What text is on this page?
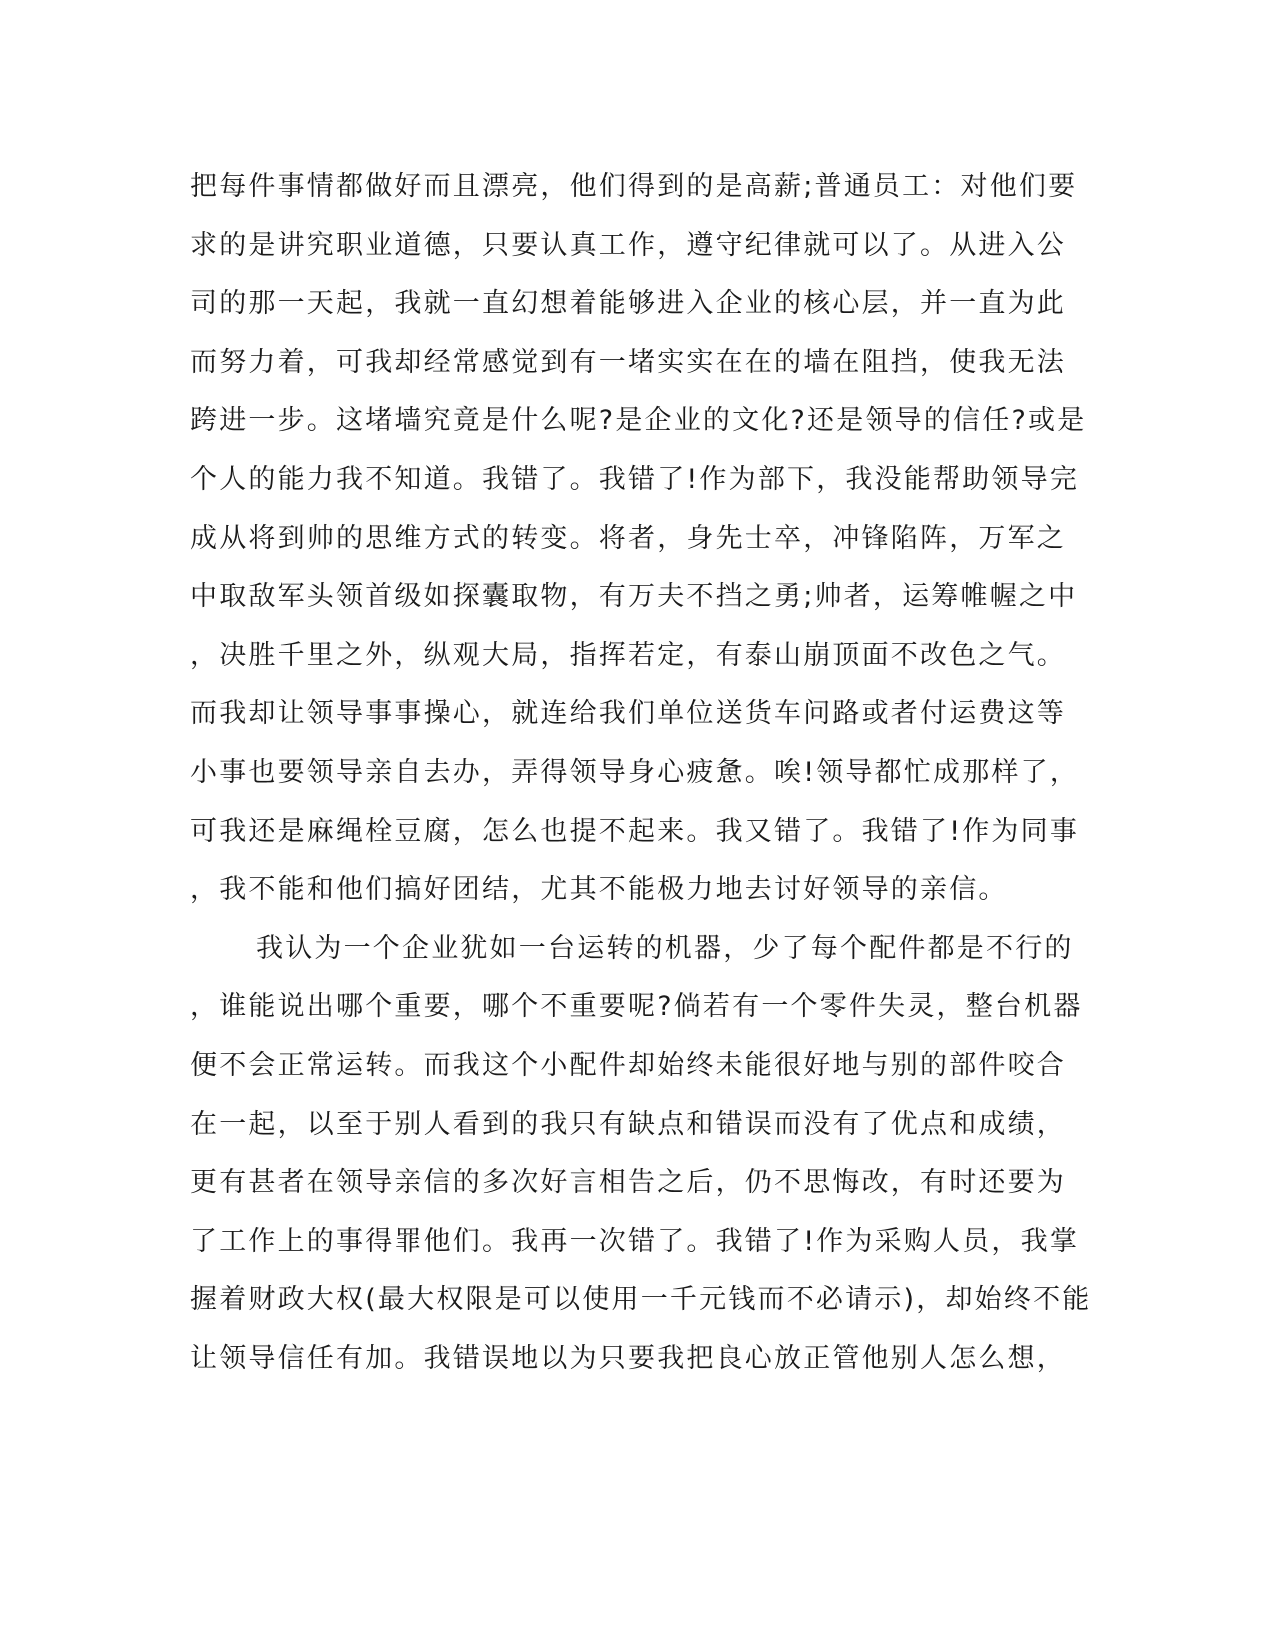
把每件事情都做好而且漂亮，他们得到的是高薪;普通员工：对他们要
求的是讲究职业道德，只要认真工作，遵守纪律就可以了。从进入公
司的那一天起，我就一直幻想着能够进入企业的核心层，并一直为此
而努力着，可我却经常感觉到有一堵实实在在的墙在阻挡，使我无法
跨进一步。这堵墙究竟是什么呢?是企业的文化?还是领导的信任?或是
个人的能力我不知道。我错了。我错了!作为部下，我没能帮助领导完
成从将到帅的思维方式的转变。将者，身先士卒，冲锋陷阵，万军之
中取敌军头领首级如探囊取物，有万夫不挡之勇;帅者，运筹帷幄之中
，决胜千里之外，纵观大局，指挥若定，有泰山崩顶面不改色之气。
而我却让领导事事操心，就连给我们单位送货车问路或者付运费这等
小事也要领导亲自去办，弄得领导身心疲惫。唉!领导都忙成那样了，
可我还是麻绳栓豆腐，怎么也提不起来。我又错了。我错了!作为同事
，我不能和他们搞好团结，尤其不能极力地去讨好领导的亲信。
我认为一个企业犹如一台运转的机器，少了每个配件都是不行的
，谁能说出哪个重要，哪个不重要呢?倘若有一个零件失灵，整台机器
便不会正常运转。而我这个小配件却始终未能很好地与别的部件咬合
在一起，以至于别人看到的我只有缺点和错误而没有了优点和成绩，
更有甚者在领导亲信的多次好言相告之后，仍不思悔改，有时还要为
了工作上的事得罪他们。我再一次错了。我错了!作为采购人员，我掌
握着财政大权(最大权限是可以使用一千元钱而不必请示)，却始终不能
让领导信任有加。我错误地以为只要我把良心放正管他别人怎么想，
